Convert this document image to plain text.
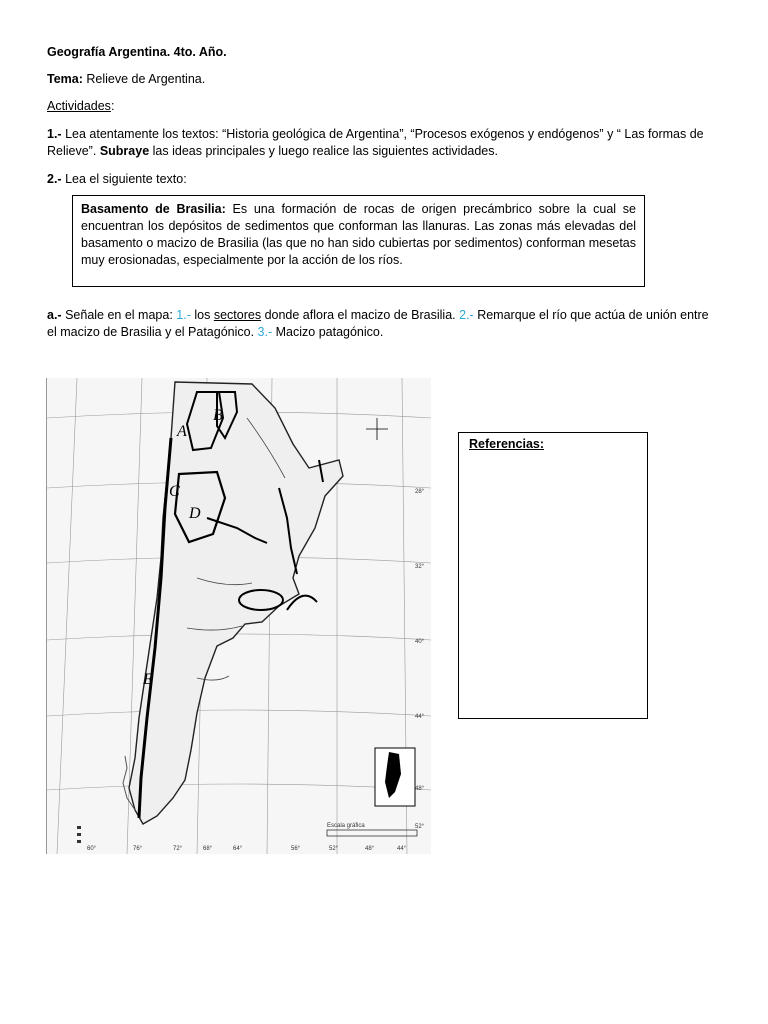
Geografía Argentina. 4to. Año.

Tema: Relieve de Argentina.

Actividades:

1.- Lea atentamente los textos: “Historia geológica de Argentina”, “Procesos exógenos y endógenos” y “ Las formas de Relieve”. Subraye las ideas principales y luego realice las siguientes actividades.

2.- Lea el siguiente texto:

Basamento de Brasilia: Es una formación de rocas de origen precámbrico sobre la cual se encuentran los depósitos de sedimentos que conforman las llanuras. Las zonas más elevadas del basamento o macizo de Brasilia (las que no han sido cubiertas por sedimentos) conforman mesetas muy erosionadas, especialmente por la acción de los ríos.

a.- Señale en el mapa: 1.- los sectores donde aflora el macizo de Brasilia. 2.- Remarque el río que actúa de unión entre el macizo de Brasilia y el Patagónico. 3.- Macizo patagónico.

A
B
C
D
E
60°	76°	72°	68°	64°	56°	52°	48°	44°
28°
32°
40°
44°
48°
52°
Escala gráfica
Referencias:
